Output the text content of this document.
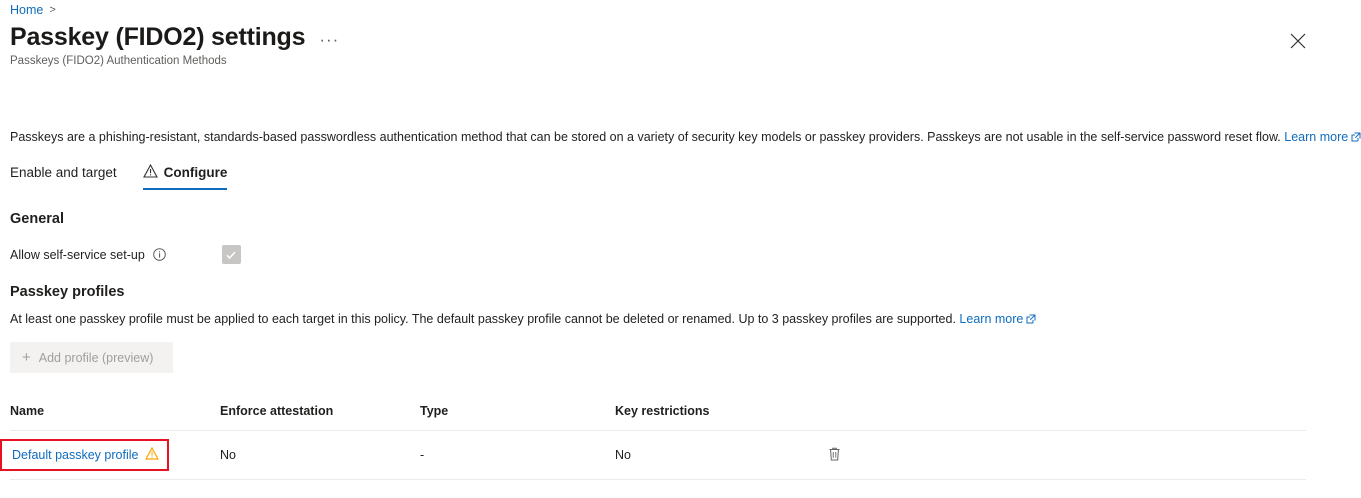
Home >
Passkey (FIDO2) settings ···
Passkeys (FIDO2) Authentication Methods
Passkeys are a phishing-resistant, standards-based passwordless authentication method that can be stored on a variety of security key models or passkey providers. Passkeys are not usable in the self-service password reset flow. Learn more
Enable and target	Configure
General
Allow self-service set-up
Passkey profiles
At least one passkey profile must be applied to each target in this policy. The default passkey profile cannot be deleted or renamed. Up to 3 passkey profiles are supported. Learn more
+ Add profile (preview)
Name	Enforce attestation	Type	Key restrictions
Default passkey profile	No	-	No
